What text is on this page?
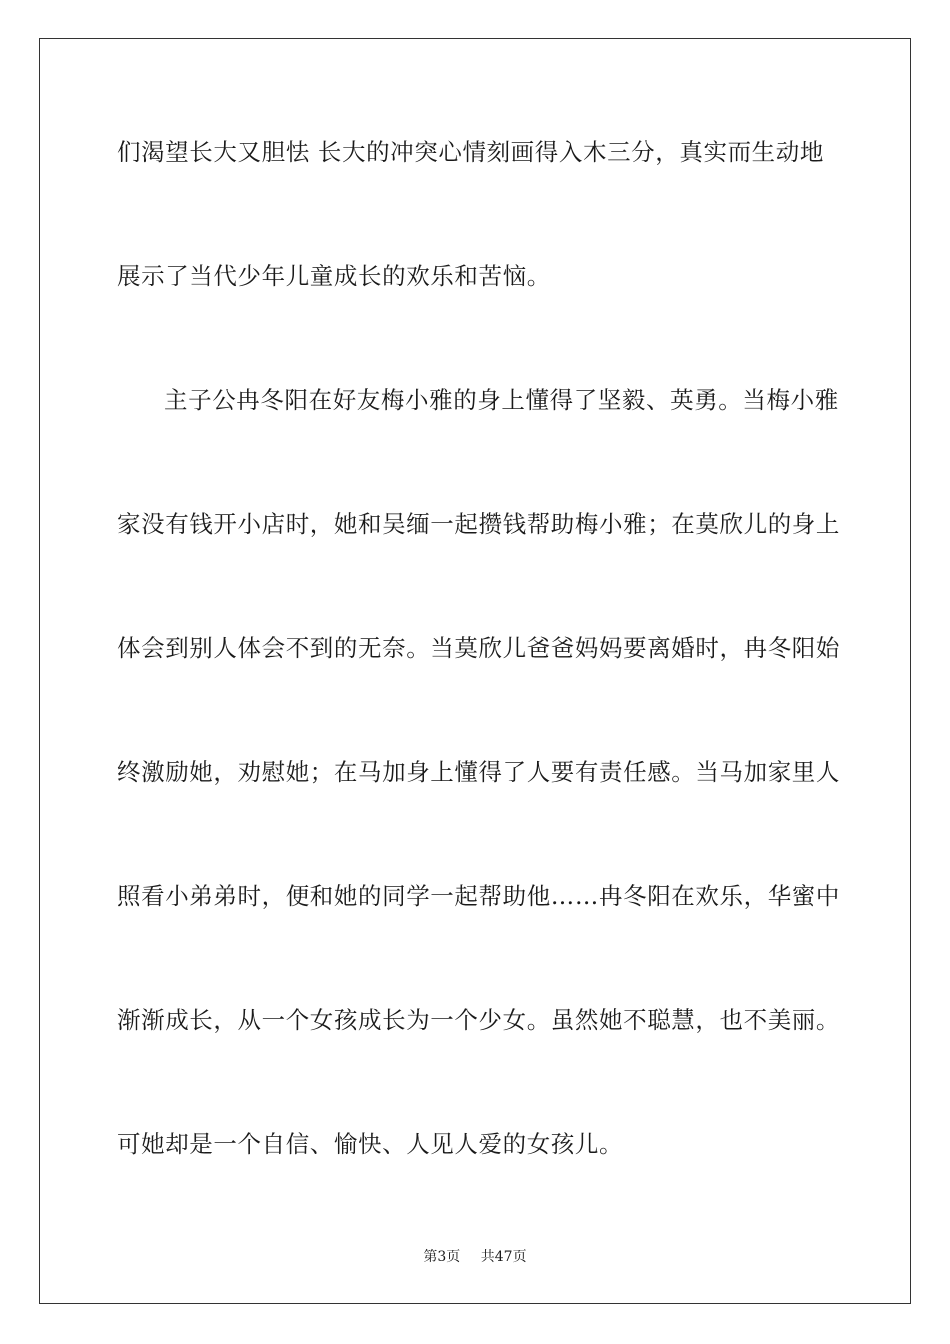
们渴望长大又胆怯 长大的冲突心情刻画得入木三分，真实而生动地
展示了当代少年儿童成长的欢乐和苦恼。
主子公冉冬阳在好友梅小雅的身上懂得了坚毅、英勇。当梅小雅
家没有钱开小店时，她和吴缅一起攒钱帮助梅小雅；在莫欣儿的身上
体会到别人体会不到的无奈。当莫欣儿爸爸妈妈要离婚时，冉冬阳始
终激励她，劝慰她；在马加身上懂得了人要有责任感。当马加家里人
照看小弟弟时，便和她的同学一起帮助他……冉冬阳在欢乐，华蜜中
渐渐成长，从一个女孩成长为一个少女。虽然她不聪慧，也不美丽。
可她却是一个自信、愉快、人见人爱的女孩儿。
第3页 共47页
